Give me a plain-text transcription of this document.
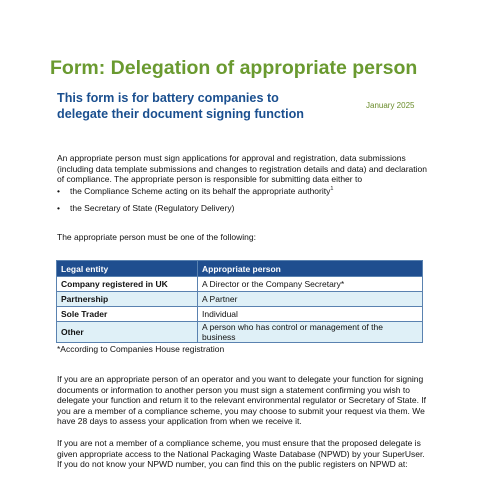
Form: Delegation of appropriate person
This form is for battery companies to delegate their document signing function
January 2025
An appropriate person must sign applications for approval and registration, data submissions (including data template submissions and changes to registration details and data) and declaration of compliance. The appropriate person is responsible for submitting data either to
• the Compliance Scheme acting on its behalf the appropriate authority$^1$
• the Secretary of State (Regulatory Delivery)
The appropriate person must be one of the following:
Legal entity	Appropriate person
Company registered in UK	A Director or the Company Secretary*
Partnership	A Partner
Sole Trader	Individual
Other	A person who has control or management of the business
*According to Companies House registration
If you are an appropriate person of an operator and you want to delegate your function for signing documents or information to another person you must sign a statement confirming you wish to delegate your function and return it to the relevant environmental regulator or Secretary of State. If you are a member of a compliance scheme, you may choose to submit your request via them. We have 28 days to assess your application from when we receive it.
If you are not a member of a compliance scheme, you must ensure that the proposed delegate is given appropriate access to the National Packaging Waste Database (NPWD) by your SuperUser. If you do not know your NPWD number, you can find this on the public registers on NPWD at:
